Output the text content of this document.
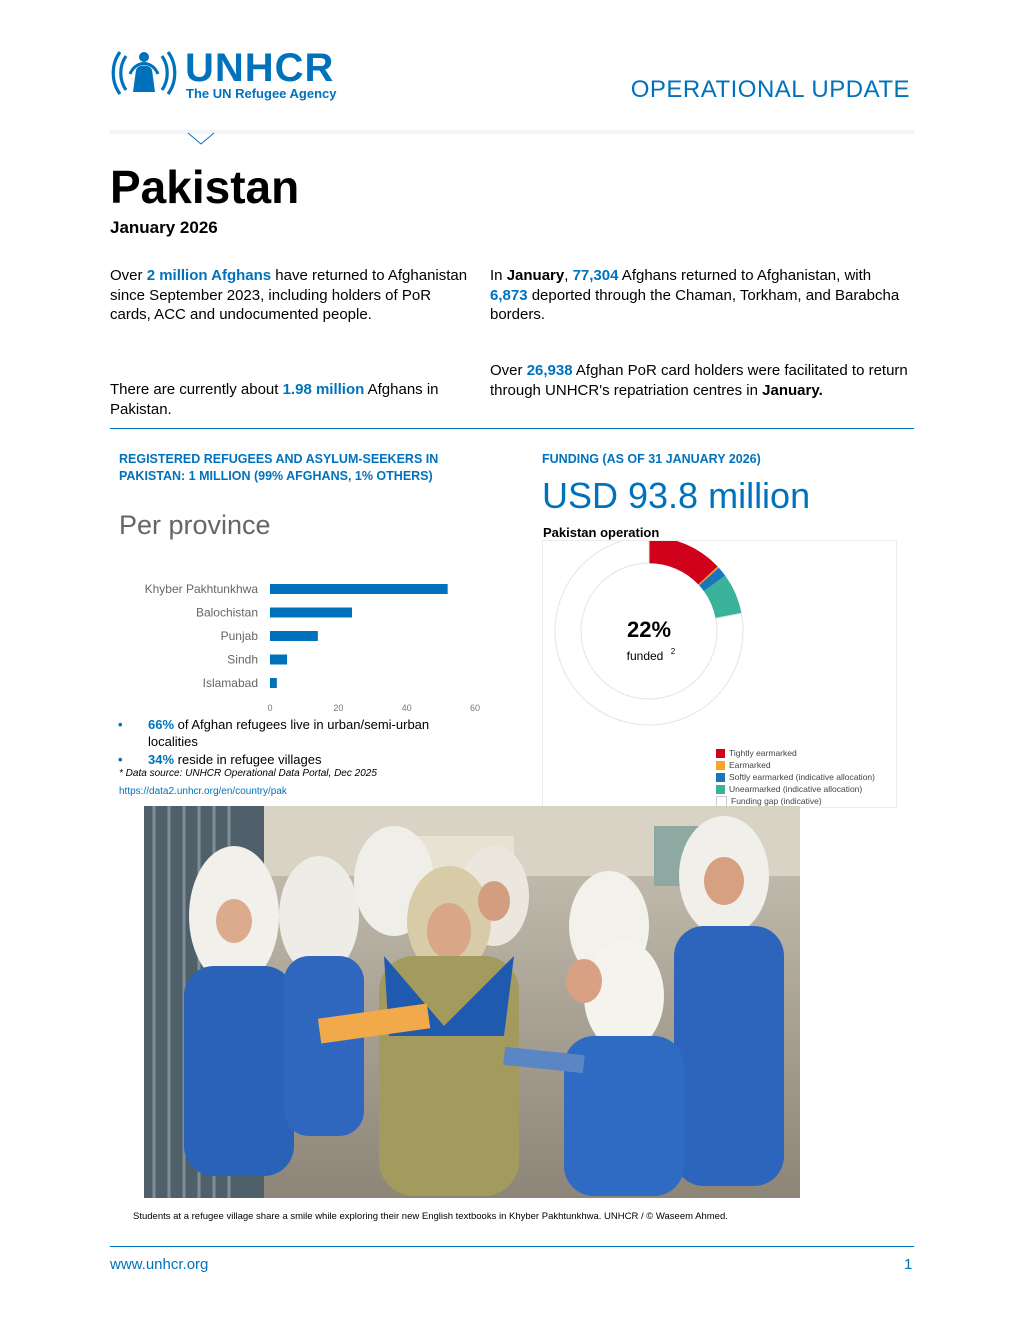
UNHCR
The UN Refugee Agency	OPERATIONAL UPDATE
Pakistan
January 2026
Over 2 million Afghans have returned to Afghanistan since September 2023, including holders of PoR cards, ACC and undocumented people.
There are currently about 1.98 million Afghans in Pakistan.
In January, 77,304 Afghans returned to Afghanistan, with 6,873 deported through the Chaman, Torkham, and Barabcha borders.
Over 26,938 Afghan PoR card holders were facilitated to return through UNHCR's repatriation centres in January.
REGISTERED REFUGEES AND ASYLUM-SEEKERS IN PAKISTAN: 1 MILLION (99% AFGHANS, 1% OTHERS)
Per province
Khyber Pakhtunkhwa
Balochistan
Punjab
Sindh
Islamabad
0	20	40	60
• 66% of Afghan refugees live in urban/semi-urban localities
• 34% reside in refugee villages
* Data source: UNHCR Operational Data Portal, Dec 2025
https://data2.unhcr.org/en/country/pak
FUNDING (AS OF 31 JANUARY 2026)
USD 93.8 million
Pakistan operation
22%
funded 2
Tightly earmarked
Earmarked
Softly earmarked (indicative allocation)
Unearmarked (indicative allocation)
Funding gap (indicative)
Students at a refugee village share a smile while exploring their new English textbooks in Khyber Pakhtunkhwa. UNHCR / © Waseem Ahmed.
www.unhcr.org	1
